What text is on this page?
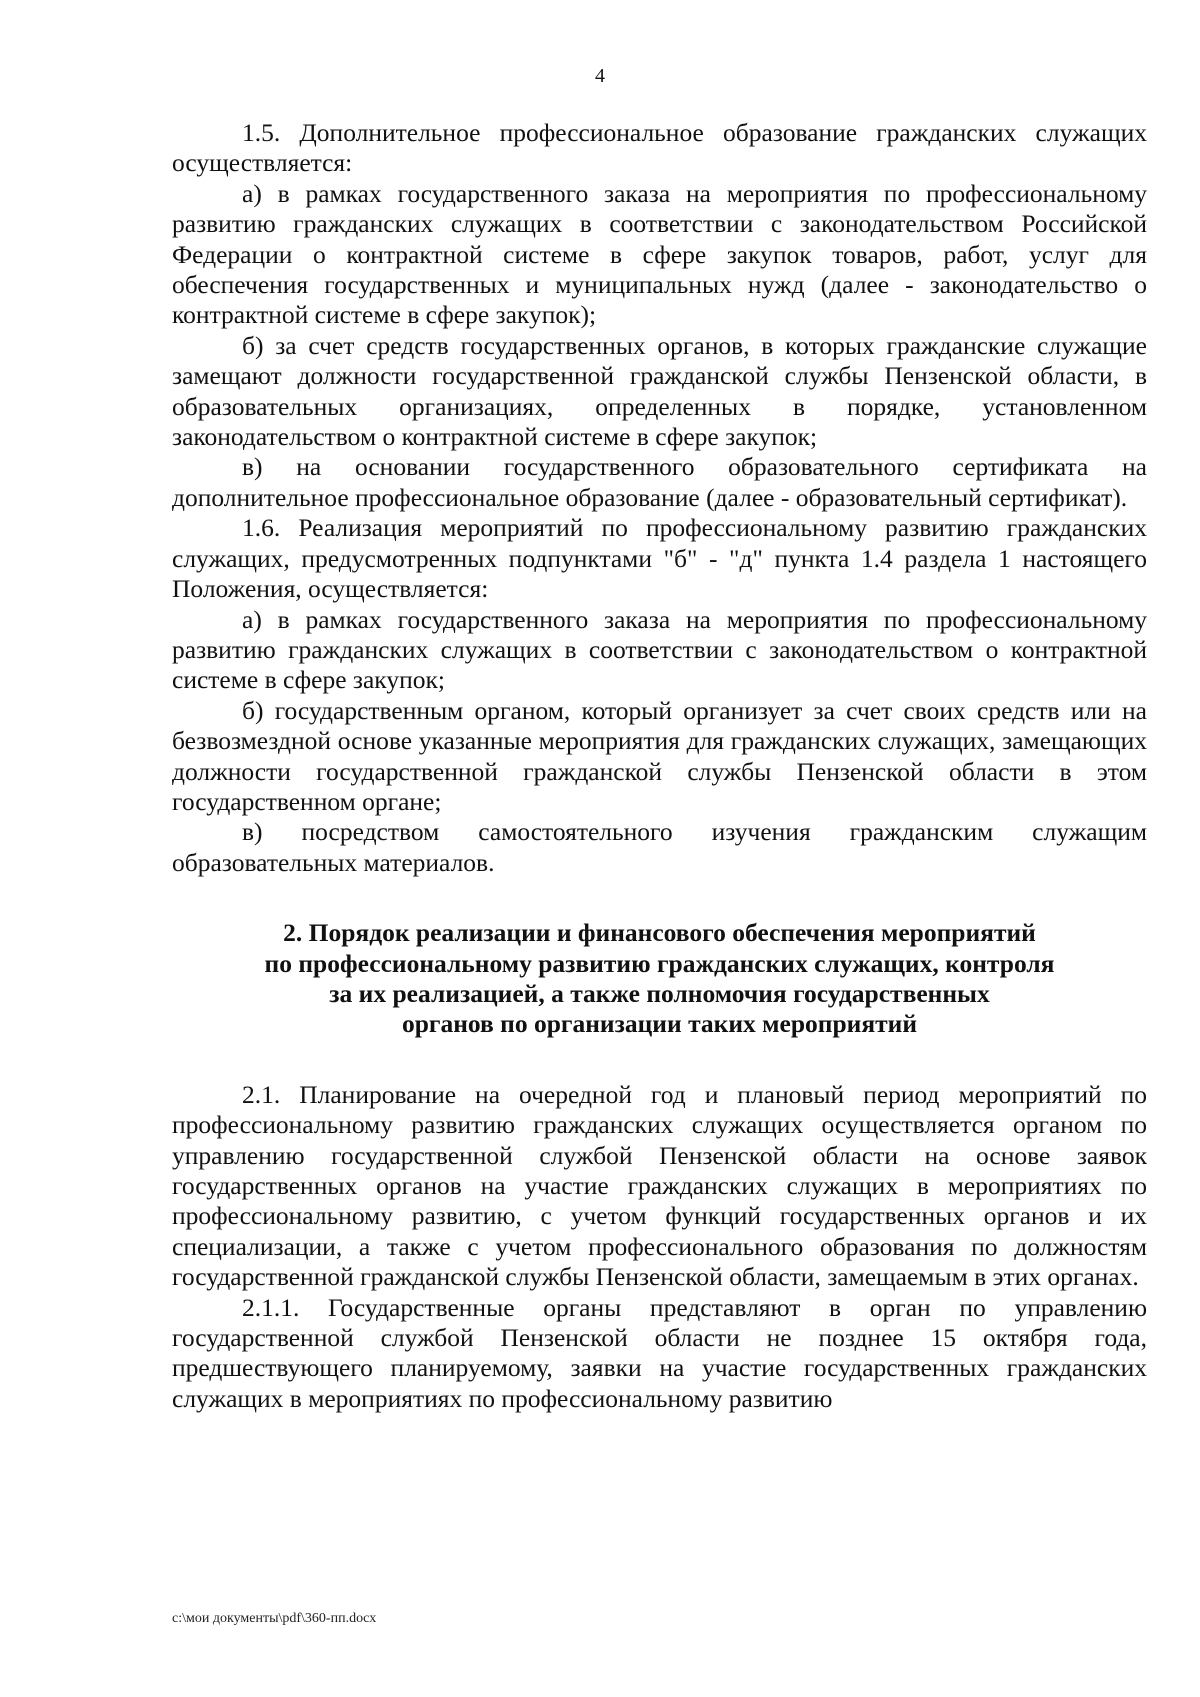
4

1.5. Дополнительное профессиональное образование гражданских служащих осуществляется:

а) в рамках государственного заказа на мероприятия по профессиональному развитию гражданских служащих в соответствии с законодательством Российской Федерации о контрактной системе в сфере закупок товаров, работ, услуг для обеспечения государственных и муниципальных нужд (далее - законодательство о контрактной системе в сфере закупок);

б) за счет средств государственных органов, в которых гражданские служащие замещают должности государственной гражданской службы Пензенской области, в образовательных организациях, определенных в порядке, установленном законодательством о контрактной системе в сфере закупок;

в) на основании государственного образовательного сертификата на дополнительное профессиональное образование (далее - образовательный сертификат).

1.6. Реализация мероприятий по профессиональному развитию гражданских служащих, предусмотренных подпунктами "б" - "д" пункта 1.4 раздела 1 настоящего Положения, осуществляется:

а) в рамках государственного заказа на мероприятия по профессиональному развитию гражданских служащих в соответствии с законодательством о контрактной системе в сфере закупок;

б) государственным органом, который организует за счет своих средств или на безвозмездной основе указанные мероприятия для гражданских служащих, замещающих должности государственной гражданской службы Пензенской области в этом государственном органе;

в) посредством самостоятельного изучения гражданским служащим образовательных материалов.

2. Порядок реализации и финансового обеспечения мероприятий
по профессиональному развитию гражданских служащих, контроля
за их реализацией, а также полномочия государственных
органов по организации таких мероприятий

2.1. Планирование на очередной год и плановый период мероприятий по профессиональному развитию гражданских служащих осуществляется органом по управлению государственной службой Пензенской области на основе заявок государственных органов на участие гражданских служащих в мероприятиях по профессиональному развитию, с учетом функций государственных органов и их специализации, а также с учетом профессионального образования по должностям государственной гражданской службы Пензенской области, замещаемым в этих органах.

2.1.1. Государственные органы представляют в орган по управлению государственной службой Пензенской области не позднее 15 октября года, предшествующего планируемому, заявки на участие государственных гражданских служащих в мероприятиях по профессиональному развитию

c:\мои документы\pdf\360-пп.docx
